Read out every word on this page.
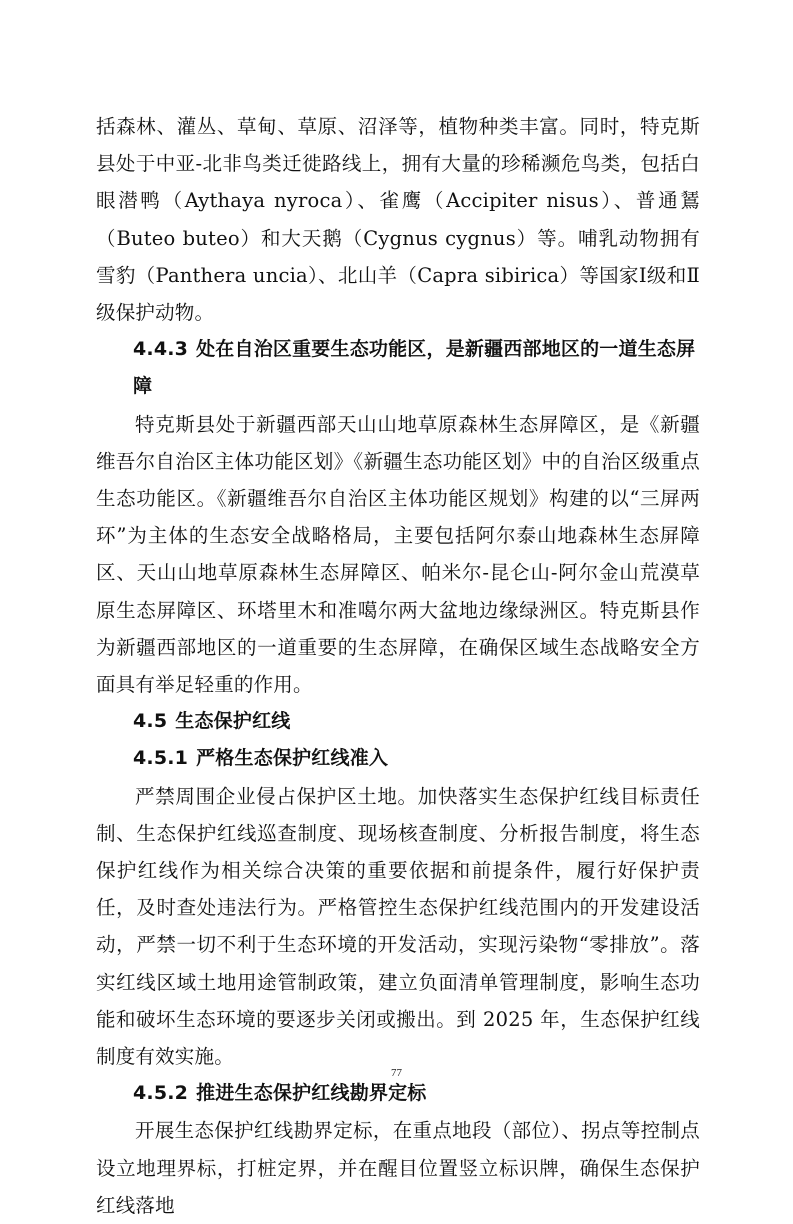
括森林、灌丛、草甸、草原、沼泽等，植物种类丰富。同时，特克斯县处于中亚-北非鸟类迁徙路线上，拥有大量的珍稀濒危鸟类，包括白眼潜鸭（Aythaya nyroca）、雀鹰（Accipiter nisus）、普通鵟（Buteo buteo）和大天鹅（Cygnus cygnus）等。哺乳动物拥有雪豹（Panthera uncia）、北山羊（Capra sibirica）等国家Ⅰ级和Ⅱ级保护动物。

4.4.3 处在自治区重要生态功能区，是新疆西部地区的一道生态屏障

特克斯县处于新疆西部天山山地草原森林生态屏障区，是《新疆维吾尔自治区主体功能区划》《新疆生态功能区划》中的自治区级重点生态功能区。《新疆维吾尔自治区主体功能区规划》构建的以“三屏两环”为主体的生态安全战略格局，主要包括阿尔泰山地森林生态屏障区、天山山地草原森林生态屏障区、帕米尔-昆仑山-阿尔金山荒漠草原生态屏障区、环塔里木和准噶尔两大盆地边缘绿洲区。特克斯县作为新疆西部地区的一道重要的生态屏障，在确保区域生态战略安全方面具有举足轻重的作用。

4.5 生态保护红线
4.5.1 严格生态保护红线准入

严禁周围企业侵占保护区土地。加快落实生态保护红线目标责任制、生态保护红线巡查制度、现场核查制度、分析报告制度，将生态保护红线作为相关综合决策的重要依据和前提条件，履行好保护责任，及时查处违法行为。严格管控生态保护红线范围内的开发建设活动，严禁一切不利于生态环境的开发活动，实现污染物“零排放”。落实红线区域土地用途管制政策，建立负面清单管理制度，影响生态功能和破坏生态环境的要逐步关闭或搬出。到 2025 年，生态保护红线制度有效实施。

4.5.2 推进生态保护红线勘界定标

开展生态保护红线勘界定标，在重点地段（部位）、拐点等控制点设立地理界标，打桩定界，并在醒目位置竖立标识牌，确保生态保护红线落地

77
